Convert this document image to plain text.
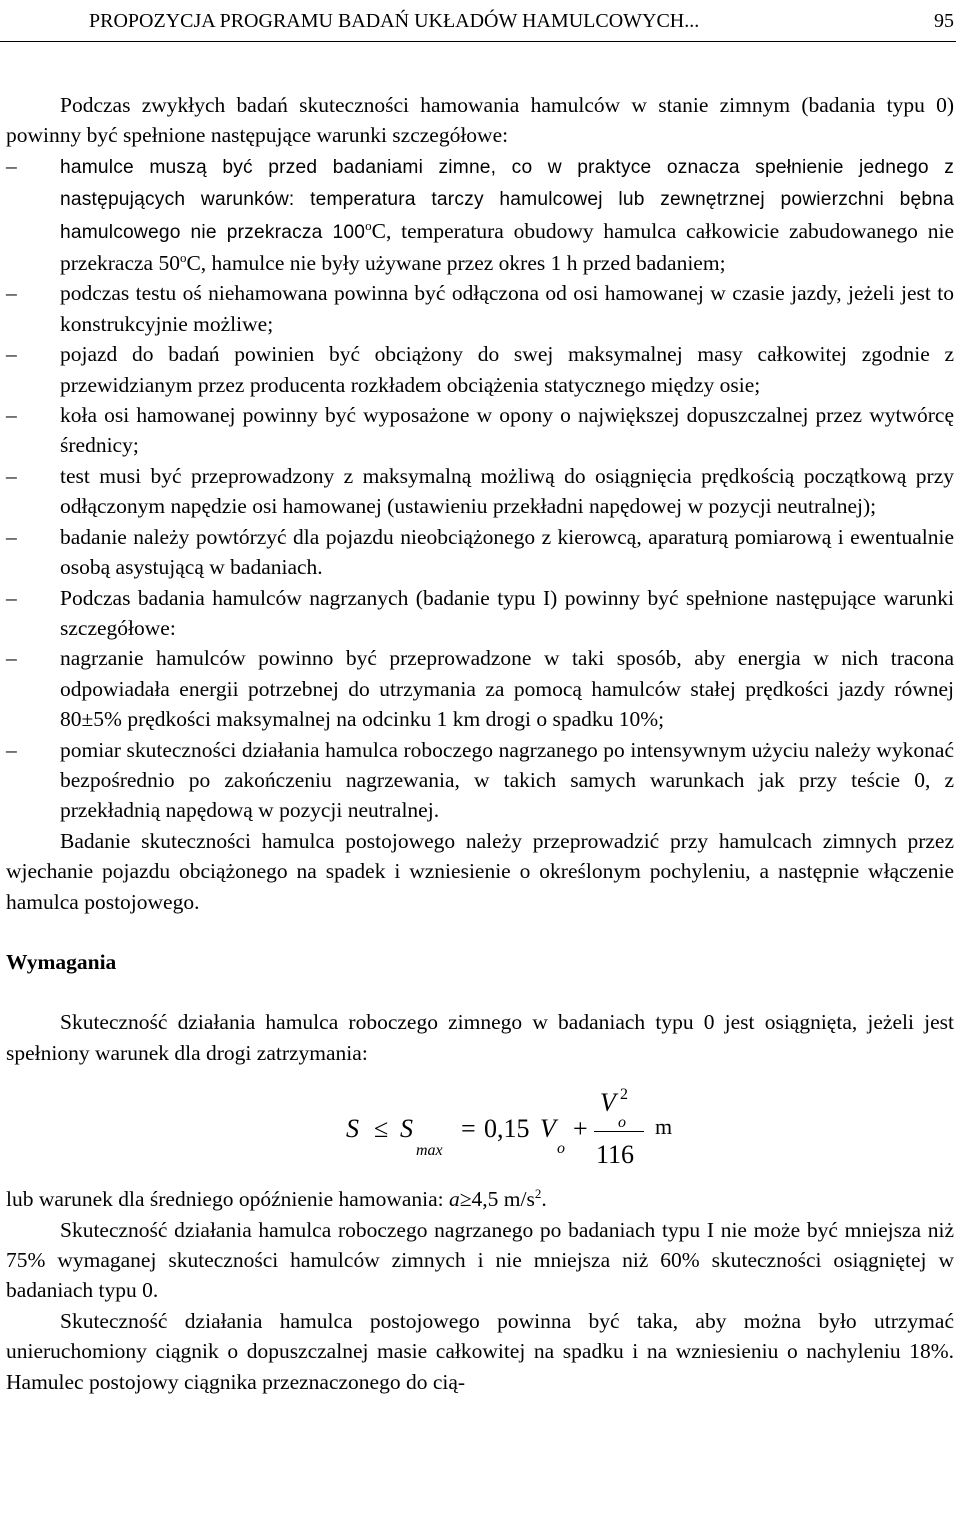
PROPOZYCJA PROGRAMU BADAŃ UKŁADÓW HAMULCOWYCH...	95

Podczas zwykłych badań skuteczności hamowania hamulców w stanie zimnym (badania typu 0) powinny być spełnione następujące warunki szczegółowe:

–	hamulce muszą być przed badaniami zimne, co w praktyce oznacza spełnienie jednego z następujących warunków: temperatura tarczy hamulcowej lub zewnętrznej powierzchni bębna hamulcowego nie przekracza 100$^o$C, temperatura obudowy hamulca całkowicie zabudowanego nie przekracza 50$^o$C, hamulce nie były używane przez okres 1 h przed badaniem;

–	podczas testu oś niehamowana powinna być odłączona od osi hamowanej w czasie jazdy, jeżeli jest to konstrukcyjnie możliwe;

–	pojazd do badań powinien być obciążony do swej maksymalnej masy całkowitej zgodnie z przewidzianym przez producenta rozkładem obciążenia statycznego między osie;

–	koła osi hamowanej powinny być wyposażone w opony o największej dopuszczalnej przez wytwórcę średnicy;

–	test musi być przeprowadzony z maksymalną możliwą do osiągnięcia prędkością początkową przy odłączonym napędzie osi hamowanej (ustawieniu przekładni napędowej w pozycji neutralnej);

–	badanie należy powtórzyć dla pojazdu nieobciążonego z kierowcą, aparaturą pomiarową i ewentualnie osobą asystującą w badaniach.

–	Podczas badania hamulców nagrzanych (badanie typu I) powinny być spełnione następujące warunki szczegółowe:

–	nagrzanie hamulców powinno być przeprowadzone w taki sposób, aby energia w nich tracona odpowiadała energii potrzebnej do utrzymania za pomocą hamulców stałej prędkości jazdy równej 80±5% prędkości maksymalnej na odcinku 1 km drogi o spadku 10%;

–	pomiar skuteczności działania hamulca roboczego nagrzanego po intensywnym użyciu należy wykonać bezpośrednio po zakończeniu nagrzewania, w takich samych warunkach jak przy teście 0, z przekładnią napędową w pozycji neutralnej.

Badanie skuteczności hamulca postojowego należy przeprowadzić przy hamulcach zimnych przez wjechanie pojazdu obciążonego na spadek i wzniesienie o określonym pochyleniu, a następnie włączenie hamulca postojowego.

Wymagania

Skuteczność działania hamulca roboczego zimnego w badaniach typu 0 jest osiągnięta, jeżeli jest spełniony warunek dla drogi zatrzymania:

S ≤ S
max
= 0,15 V
o
+
V
o
2
116
m

lub warunek dla średniego opóźnienie hamowania: a≥4,5 $m/s^2$.

Skuteczność działania hamulca roboczego nagrzanego po badaniach typu I nie może być mniejsza niż 75% wymaganej skuteczności hamulców zimnych i nie mniejsza niż 60% skuteczności osiągniętej w badaniach typu 0.

Skuteczność działania hamulca postojowego powinna być taka, aby można było utrzymać unieruchomiony ciągnik o dopuszczalnej masie całkowitej na spadku i na wzniesieniu o nachyleniu 18%. Hamulec postojowy ciągnika przeznaczonego do cią-
